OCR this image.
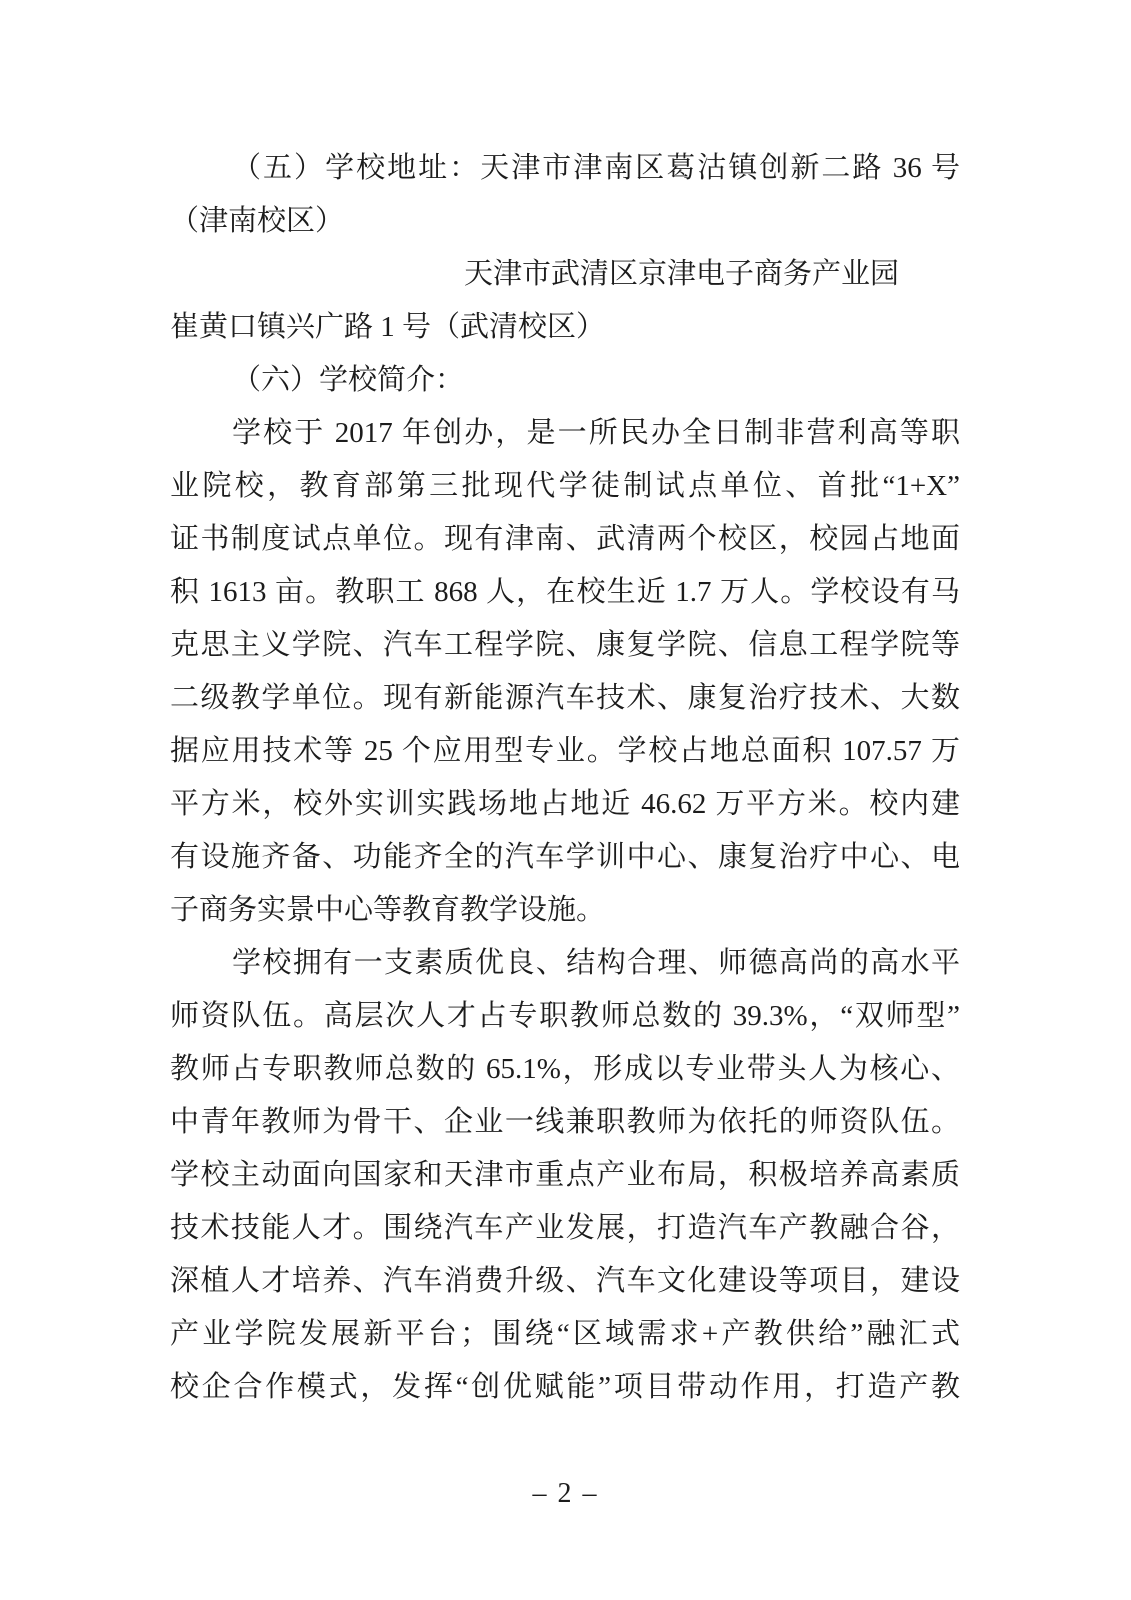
（五）学校地址：天津市津南区葛沽镇创新二路 36 号
（津南校区）
天津市武清区京津电子商务产业园
崔黄口镇兴广路 1 号（武清校区）
（六）学校简介：
学校于 2017 年创办，是一所民办全日制非营利高等职
业院校，教育部第三批现代学徒制试点单位、首批“1+X”
证书制度试点单位。现有津南、武清两个校区，校园占地面
积 1613 亩。教职工 868 人，在校生近 1.7 万人。学校设有马
克思主义学院、汽车工程学院、康复学院、信息工程学院等
二级教学单位。现有新能源汽车技术、康复治疗技术、大数
据应用技术等 25 个应用型专业。学校占地总面积 107.57 万
平方米，校外实训实践场地占地近 46.62 万平方米。校内建
有设施齐备、功能齐全的汽车学训中心、康复治疗中心、电
子商务实景中心等教育教学设施。
学校拥有一支素质优良、结构合理、师德高尚的高水平
师资队伍。高层次人才占专职教师总数的 39.3%，“双师型”
教师占专职教师总数的 65.1%，形成以专业带头人为核心、
中青年教师为骨干、企业一线兼职教师为依托的师资队伍。
学校主动面向国家和天津市重点产业布局，积极培养高素质
技术技能人才。围绕汽车产业发展，打造汽车产教融合谷，
深植人才培养、汽车消费升级、汽车文化建设等项目，建设
产业学院发展新平台；围绕“区域需求+产教供给”融汇式
校企合作模式，发挥“创优赋能”项目带动作用，打造产教
– 2 –
